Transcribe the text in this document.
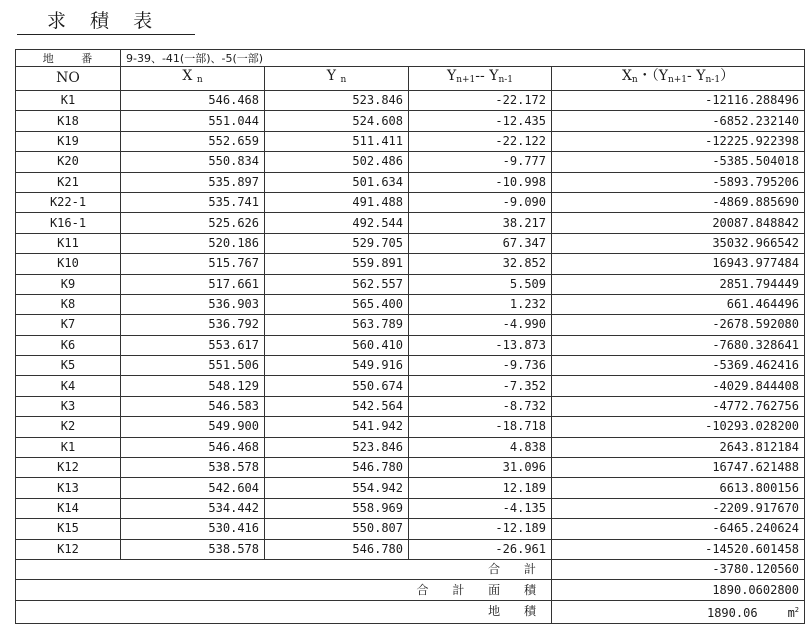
求 積 表
地 番	9-39、-41(一部)、-5(一部)			
NO	X $_n$	Y $_n$	$Y_{n+1}--$ $Y_{n-1}$	$X_n$・（$Y_{n+1}-$ $Y_{n-1}$）
K1	546.468	523.846	-22.172	-12116.288496
K18	551.044	524.608	-12.435	-6852.232140
K19	552.659	511.411	-22.122	-12225.922398
K20	550.834	502.486	-9.777	-5385.504018
K21	535.897	501.634	-10.998	-5893.795206
K22-1	535.741	491.488	-9.090	-4869.885690
K16-1	525.626	492.544	38.217	20087.848842
K11	520.186	529.705	67.347	35032.966542
K10	515.767	559.891	32.852	16943.977484
K9	517.661	562.557	5.509	2851.794449
K8	536.903	565.400	1.232	661.464496
K7	536.792	563.789	-4.990	-2678.592080
K6	553.617	560.410	-13.873	-7680.328641
K5	551.506	549.916	-9.736	-5369.462416
K4	548.129	550.674	-7.352	-4029.844408
K3	546.583	542.564	-8.732	-4772.762756
K2	549.900	541.942	-18.718	-10293.028200
K1	546.468	523.846	4.838	2643.812184
K12	538.578	546.780	31.096	16747.621488
K13	542.604	554.942	12.189	6613.800156
K14	534.442	558.969	-4.135	-2209.917670
K15	530.416	550.807	-12.189	-6465.240624
K12	538.578	546.780	-26.961	-14520.601458
合 計				-3780.120560
合 計 面 積				1890.0602800
地 積				1890.06 $m^2$
